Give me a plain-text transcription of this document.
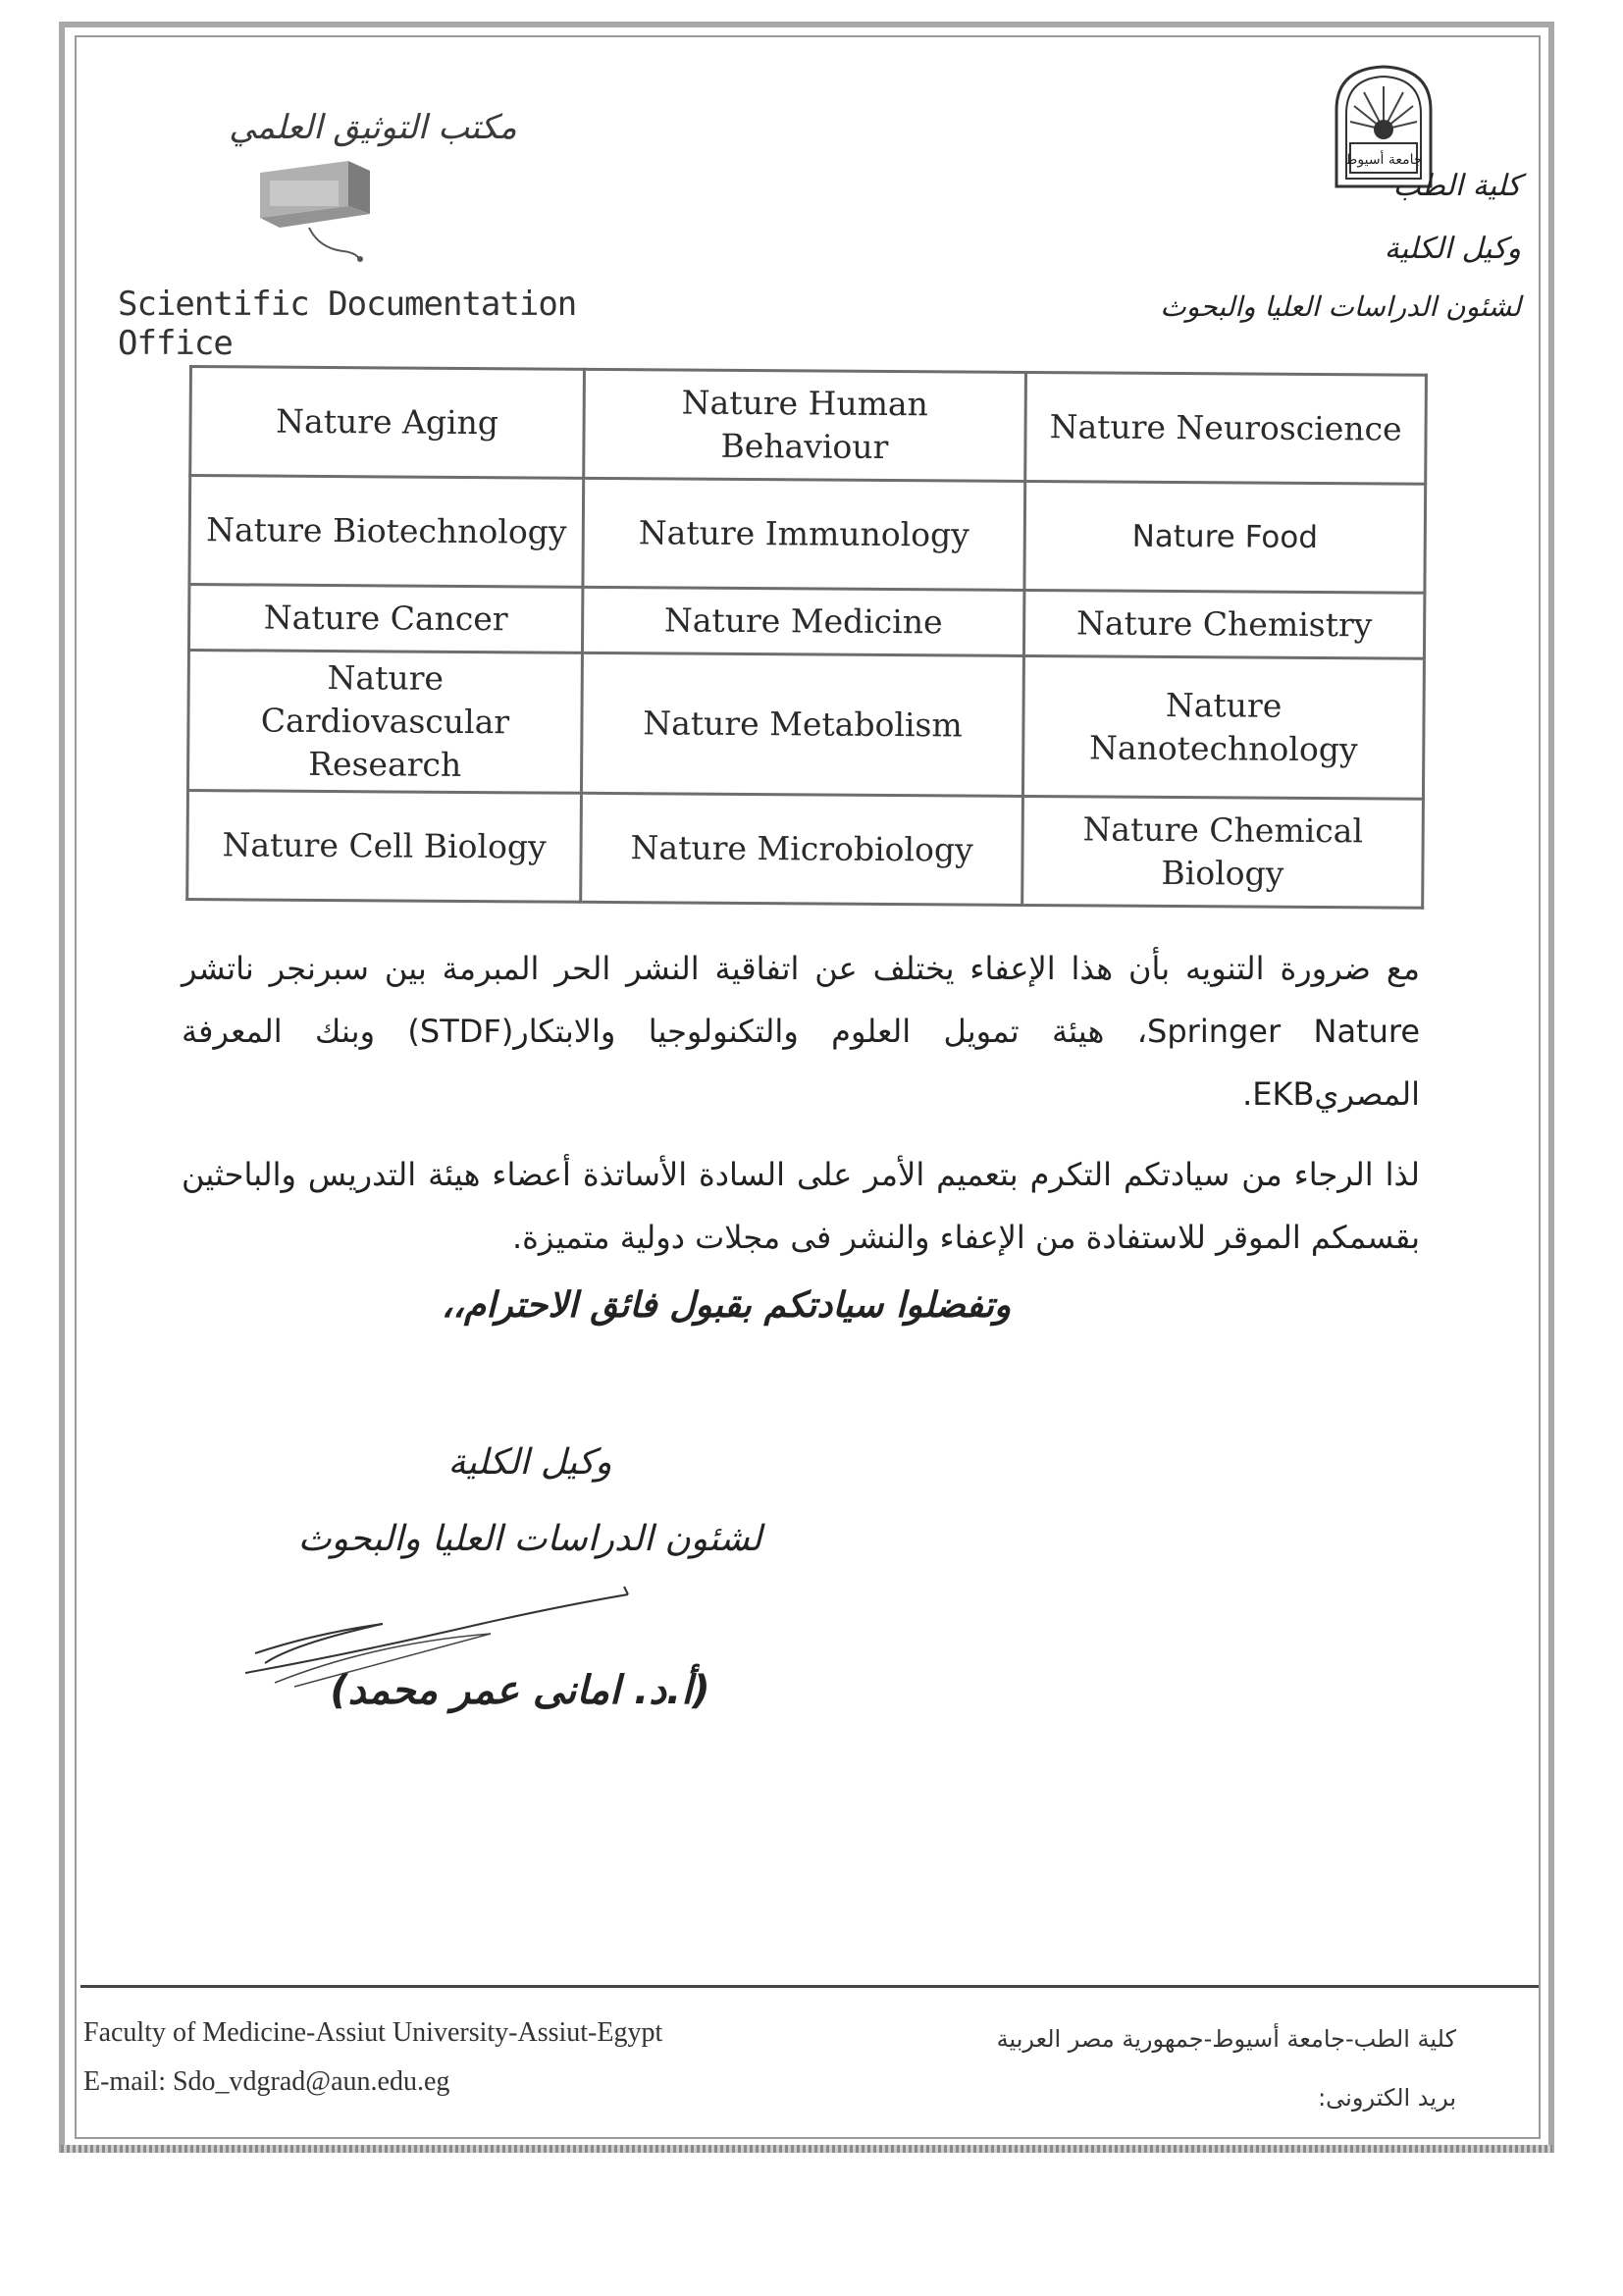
مكتب التوثيق العلمي
Scientific Documentation Office
جامعة أسيوط
كلية الطب
وكيل الكلية
لشئون الدراسات العليا والبحوث
Nature Aging	Nature Human Behaviour	Nature Neuroscience
Nature Biotechnology	Nature Immunology	Nature Food
Nature Cancer	Nature Medicine	Nature Chemistry
Nature Cardiovascular Research	Nature Metabolism	Nature Nanotechnology
Nature Cell Biology	Nature Microbiology	Nature Chemical Biology
مع ضرورة التنويه بأن هذا الإعفاء يختلف عن اتفاقية النشر الحر المبرمة بين سبرنجر ناتشر Springer Nature، هيئة تمويل العلوم والتكنولوجيا والابتكار(STDF) وبنك المعرفة المصريEKB.
لذا الرجاء من سيادتكم التكرم بتعميم الأمر على السادة الأساتذة أعضاء هيئة التدريس والباحثين بقسمكم الموقر للاستفادة من الإعفاء والنشر فى مجلات دولية متميزة.
وتفضلوا سيادتكم بقبول فائق الاحترام،،
وكيل الكلية
لشئون الدراسات العليا والبحوث
(أ.د. امانى عمر محمد)
Faculty of Medicine-Assiut University-Assiut-Egypt
E-mail: Sdo_vdgrad@aun.edu.eg
كلية الطب-جامعة أسيوط-جمهورية مصر العربية
بريد الكترونى:
